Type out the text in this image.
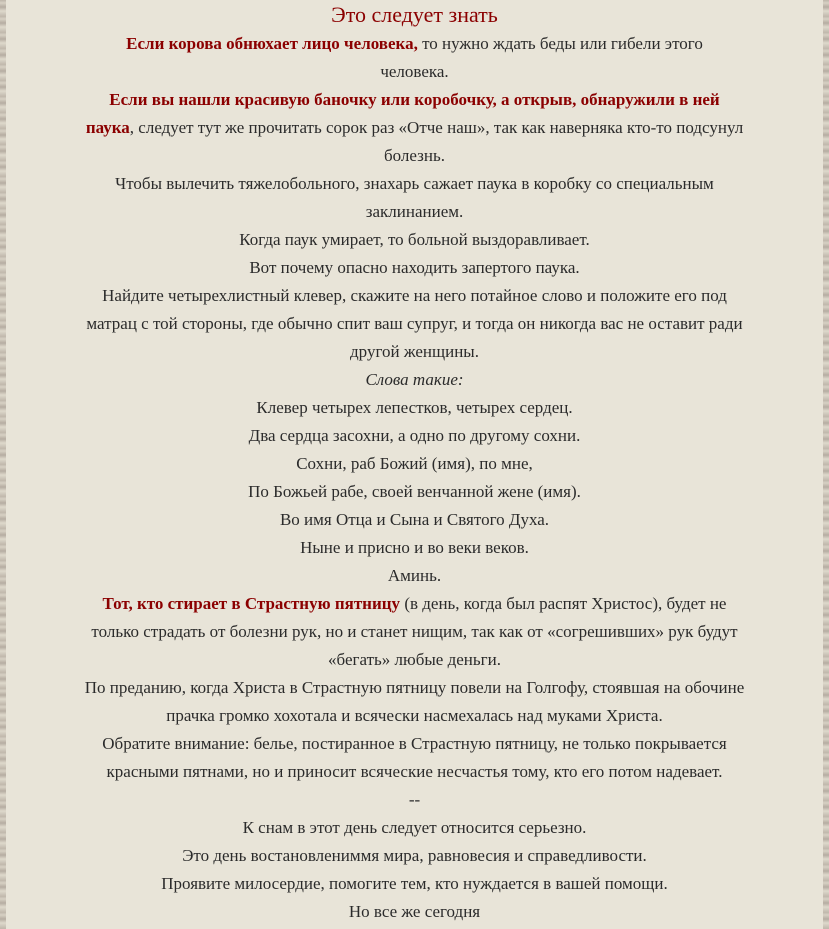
Это следует знать

Если корова обнюхает лицо человека, то нужно ждать беды или гибели этого

человека.

Если вы нашли красивую баночку или коробочку, а открыв, обнаружили в ней

паука, следует тут же прочитать сорок раз «Отче наш», так как наверняка кто-то подсунул

болезнь.

Чтобы вылечить тяжелобольного, знахарь сажает паука в коробку со специальным

заклинанием.

Когда паук умирает, то больной выздоравливает.

Вот почему опасно находить запертого паука.

Найдите четырехлистный клевер, скажите на него потайное слово и положите его под

матрац с той стороны, где обычно спит ваш супруг, и тогда он никогда вас не оставит ради

другой женщины.

Слова такие:

Клевер четырех лепестков, четырех сердец.

Два сердца засохни, а одно по другому сохни.

Сохни, раб Божий (имя), по мне,

По Божьей рабе, своей венчанной жене (имя).

Во имя Отца и Сына и Святого Духа.

Ныне и присно и во веки веков.

Аминь.

Тот, кто стирает в Страстную пятницу (в день, когда был распят Христос), будет не

только страдать от болезни рук, но и станет нищим, так как от «согрешивших» рук будут

«бегать» любые деньги.

По преданию, когда Христа в Страстную пятницу повели на Голгофу, стоявшая на обочине

прачка громко хохотала и всячески насмехалась над муками Христа.

Обратите внимание: белье, постиранное в Страстную пятницу, не только покрывается

красными пятнами, но и приносит всяческие несчастья тому, кто его потом надевает.

--

К снам в этот день следует относится серьезно.

Это день востановлениммя мира, равновесия и справедливости.

Проявите милосердие, помогите тем, кто нуждается в вашей помощи.

Но все же сегодня
